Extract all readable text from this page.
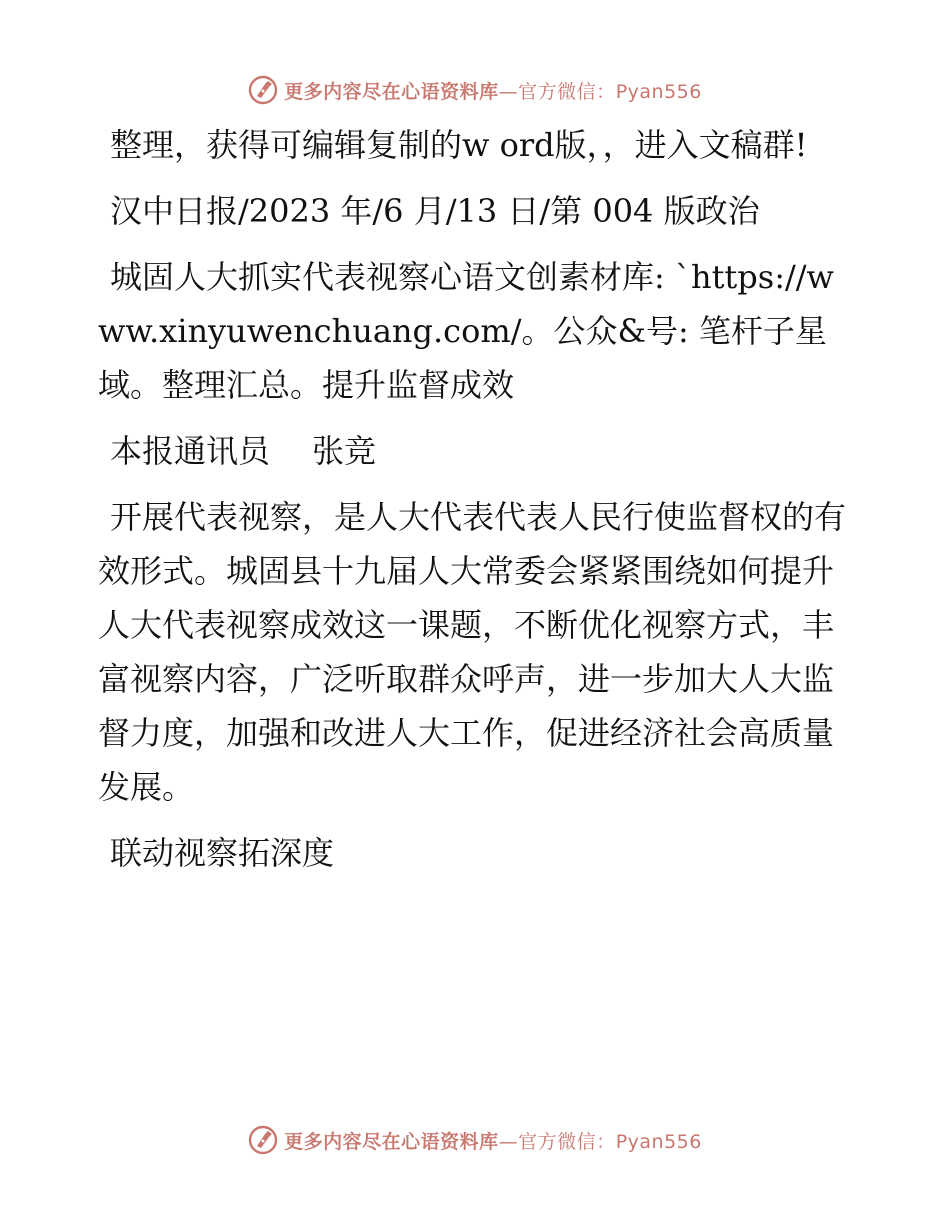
更多内容尽在心语资料库—官方微信：Pyan556

整理，获得可编辑复制的w ord版，，进入文稿群!

汉中日报/2023 年/6 月/13 日/第 004 版政治

城固人大抓实代表视察心语文创素材库: `https://www.xinyuwenchuang.com/。公众&号: 笔杆子星域。整理汇总。提升监督成效

本报通讯员 张竞

开展代表视察，是人大代表代表人民行使监督权的有效形式。城固县十九届人大常委会紧紧围绕如何提升人大代表视察成效这一课题，不断优化视察方式，丰富视察内容，广泛听取群众呼声，进一步加大人大监督力度，加强和改进人大工作，促进经济社会高质量发展。

联动视察拓深度

更多内容尽在心语资料库—官方微信：Pyan556
